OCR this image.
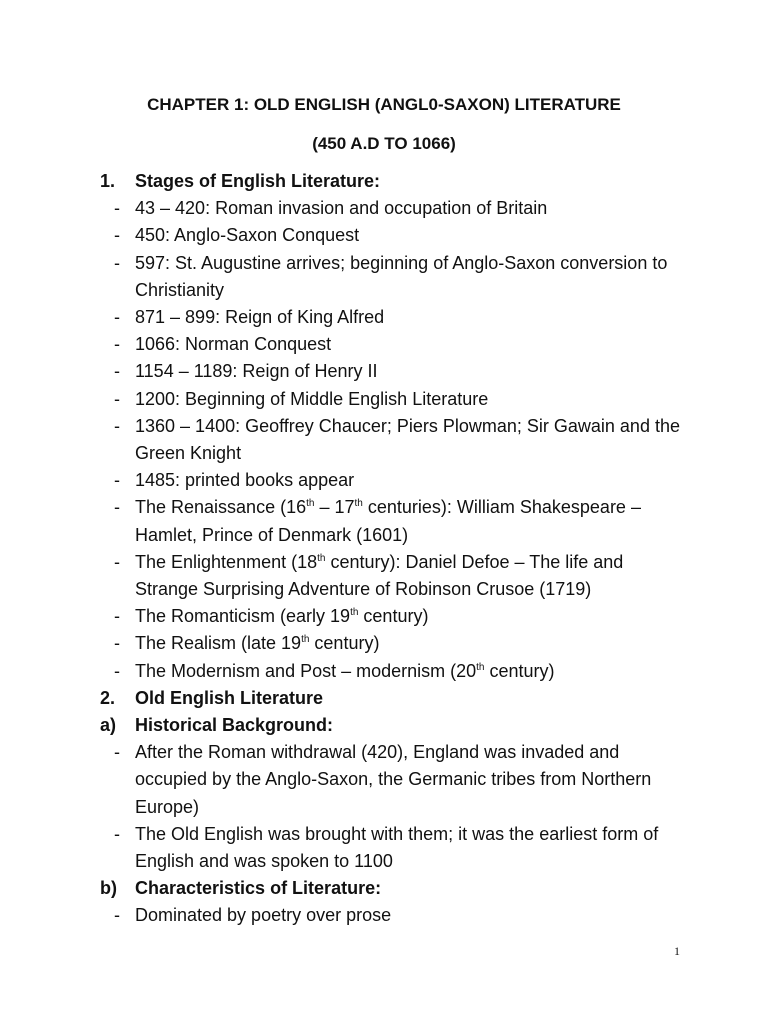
CHAPTER 1: OLD ENGLISH (ANGL0-SAXON) LITERATURE
(450 A.D TO 1066)
1.	Stages of English Literature:
- 43 – 420: Roman invasion and occupation of Britain
- 450: Anglo-Saxon Conquest
- 597: St. Augustine arrives; beginning of Anglo-Saxon conversion to Christianity
- 871 – 899: Reign of King Alfred
- 1066: Norman Conquest
- 1154 – 1189: Reign of Henry II
- 1200: Beginning of Middle English Literature
- 1360 – 1400: Geoffrey Chaucer; Piers Plowman; Sir Gawain and the Green Knight
- 1485: printed books appear
- The Renaissance (16th – 17th centuries): William Shakespeare – Hamlet, Prince of Denmark (1601)
- The Enlightenment (18th century): Daniel Defoe – The life and Strange Surprising Adventure of Robinson Crusoe (1719)
- The Romanticism (early 19th century)
- The Realism (late 19th century)
- The Modernism and Post – modernism (20th century)
2.	Old English Literature
a)	Historical Background:
- After the Roman withdrawal (420), England was invaded and occupied by the Anglo-Saxon, the Germanic tribes from Northern Europe)
- The Old English was brought with them; it was the earliest form of English and was spoken to 1100
b)	Characteristics of Literature:
- Dominated by poetry over prose
1
